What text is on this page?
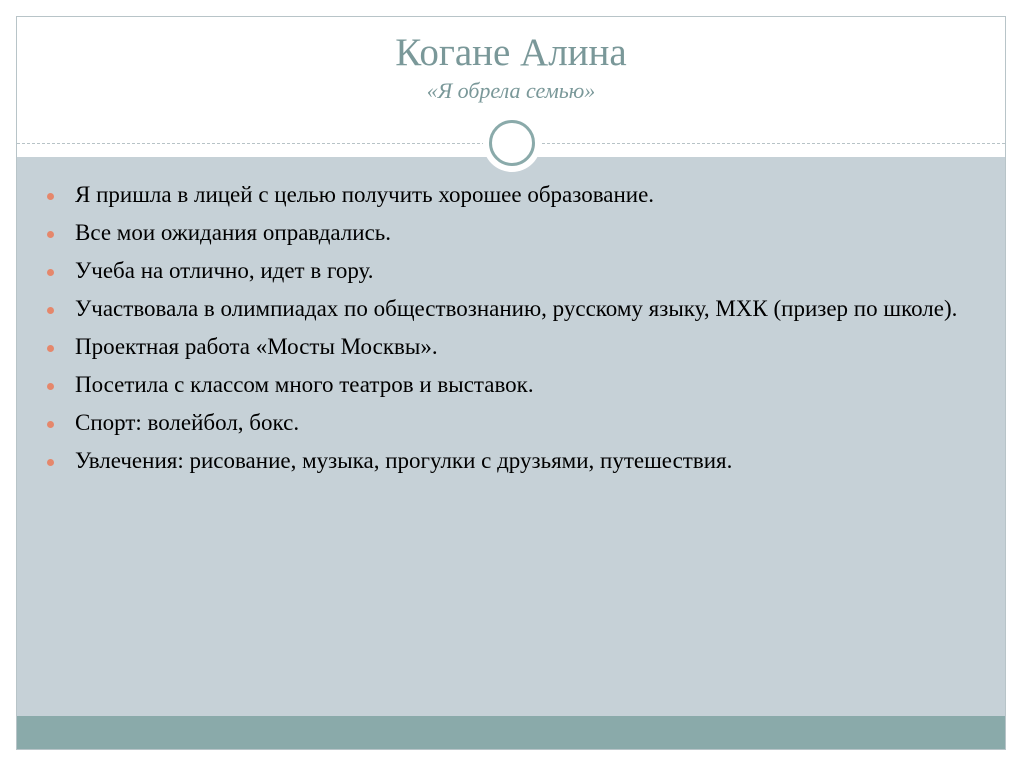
Когане Алина
«Я обрела семью»
Я пришла в лицей с целью получить хорошее образование.
Все мои ожидания оправдались.
Учеба на отлично, идет в гору.
Участвовала в олимпиадах по обществознанию, русскому языку, МХК (призер по школе).
Проектная работа «Мосты Москвы».
Посетила с классом много театров и выставок.
Спорт: волейбол, бокс.
Увлечения: рисование, музыка, прогулки с друзьями, путешествия.
